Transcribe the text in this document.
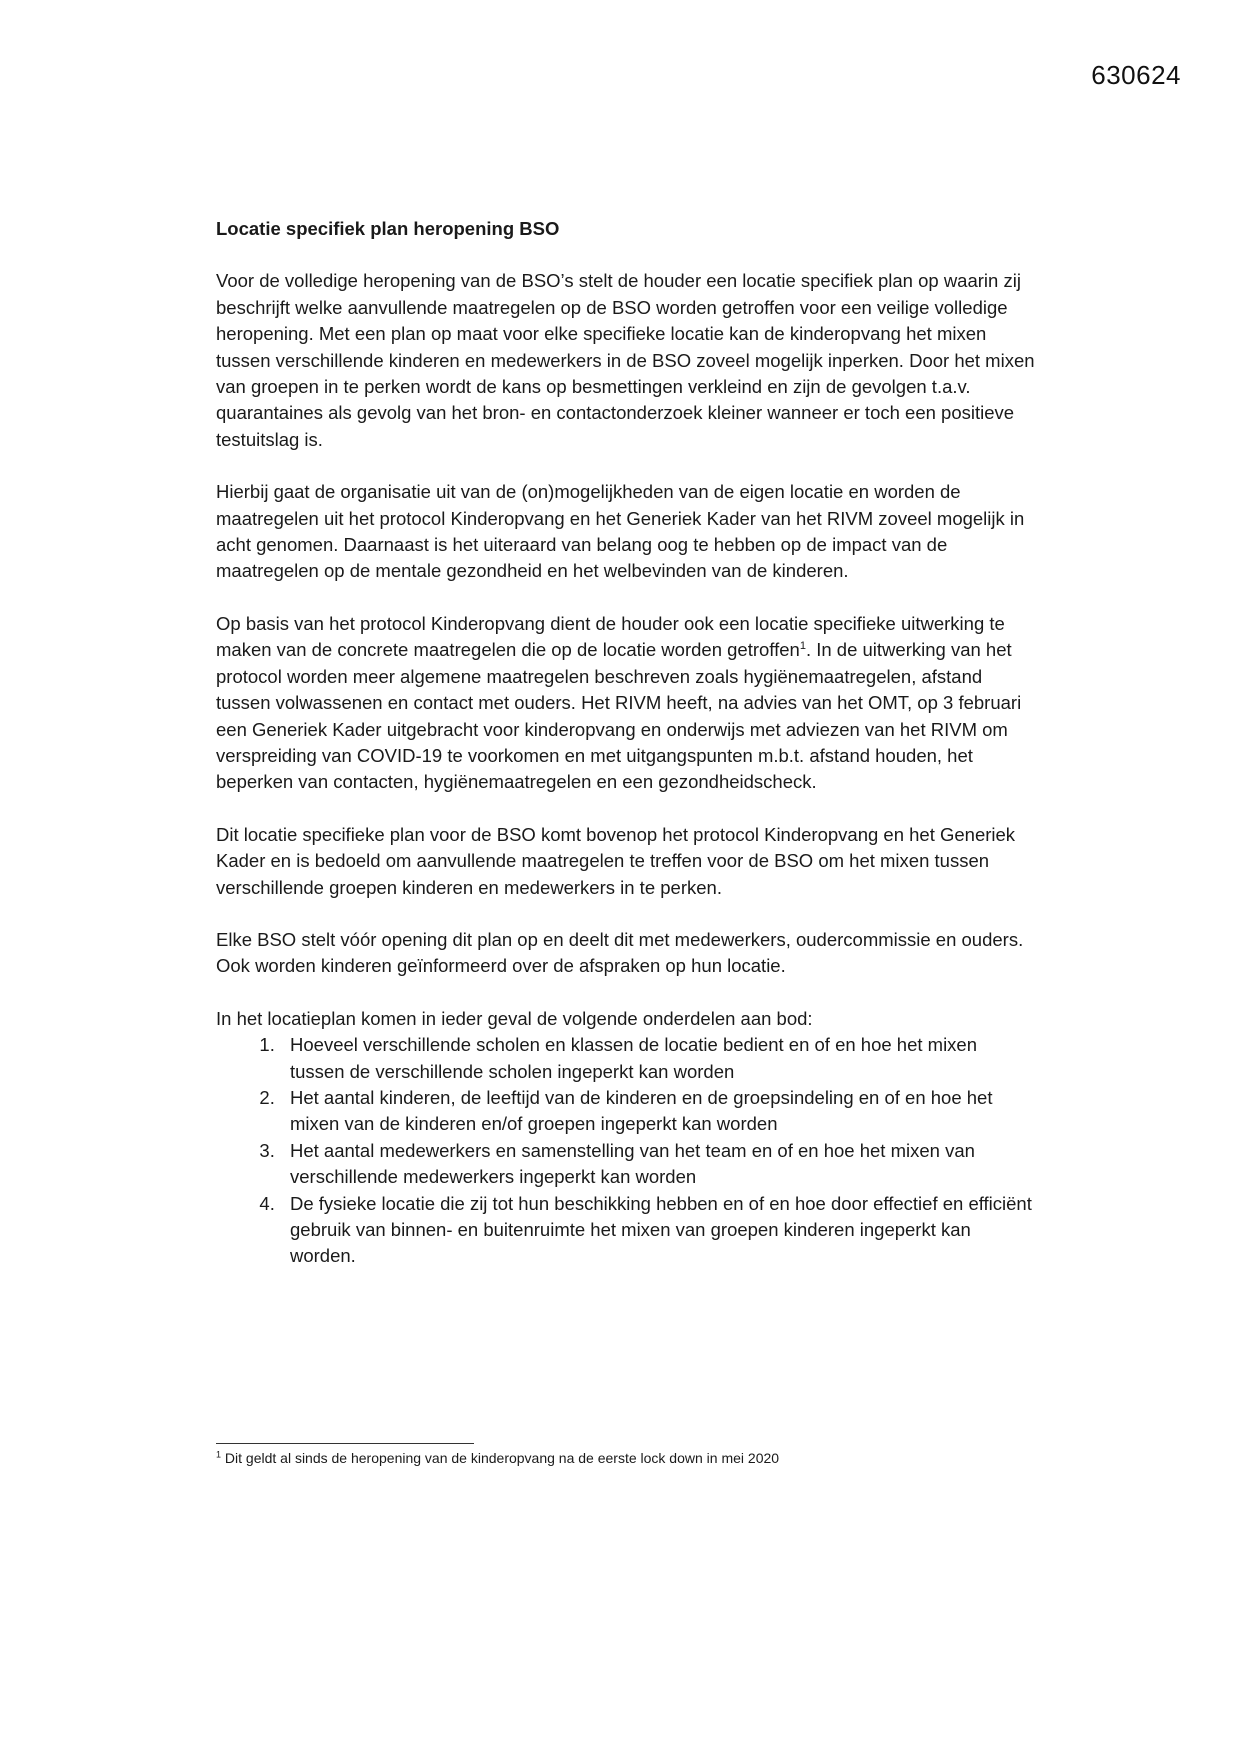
630624
Locatie specifiek plan heropening BSO

Voor de volledige heropening van de BSO’s stelt de houder een locatie specifiek plan op waarin zij beschrijft welke aanvullende maatregelen op de BSO worden getroffen voor een veilige volledige heropening. Met een plan op maat voor elke specifieke locatie kan de kinderopvang het mixen tussen verschillende kinderen en medewerkers in de BSO zoveel mogelijk inperken. Door het mixen van groepen in te perken wordt de kans op besmettingen verkleind en zijn de gevolgen t.a.v. quarantaines als gevolg van het bron- en contactonderzoek kleiner wanneer er toch een positieve testuitslag is.

Hierbij gaat de organisatie uit van de (on)mogelijkheden van de eigen locatie en worden de maatregelen uit het protocol Kinderopvang en het Generiek Kader van het RIVM zoveel mogelijk in acht genomen. Daarnaast is het uiteraard van belang oog te hebben op de impact van de maatregelen op de mentale gezondheid en het welbevinden van de kinderen.

Op basis van het protocol Kinderopvang dient de houder ook een locatie specifieke uitwerking te maken van de concrete maatregelen die op de locatie worden getroffen$^1$. In de uitwerking van het protocol worden meer algemene maatregelen beschreven zoals hygiënemaatregelen, afstand tussen volwassenen en contact met ouders. Het RIVM heeft, na advies van het OMT, op 3 februari een Generiek Kader uitgebracht voor kinderopvang en onderwijs met adviezen van het RIVM om verspreiding van COVID-19 te voorkomen en met uitgangspunten m.b.t. afstand houden, het beperken van contacten, hygiënemaatregelen en een gezondheidscheck.

Dit locatie specifieke plan voor de BSO komt bovenop het protocol Kinderopvang en het Generiek Kader en is bedoeld om aanvullende maatregelen te treffen voor de BSO om het mixen tussen verschillende groepen kinderen en medewerkers in te perken.

Elke BSO stelt vóór opening dit plan op en deelt dit met medewerkers, oudercommissie en ouders. Ook worden kinderen geïnformeerd over de afspraken op hun locatie.

In het locatieplan komen in ieder geval de volgende onderdelen aan bod:

1. Hoeveel verschillende scholen en klassen de locatie bedient en of en hoe het mixen tussen de verschillende scholen ingeperkt kan worden
2. Het aantal kinderen, de leeftijd van de kinderen en de groepsindeling en of en hoe het mixen van de kinderen en/of groepen ingeperkt kan worden
3. Het aantal medewerkers en samenstelling van het team en of en hoe het mixen van verschillende medewerkers ingeperkt kan worden
4. De fysieke locatie die zij tot hun beschikking hebben en of en hoe door effectief en efficiënt gebruik van binnen- en buitenruimte het mixen van groepen kinderen ingeperkt kan worden.
$^1$ Dit geldt al sinds de heropening van de kinderopvang na de eerste lock down in mei 2020
